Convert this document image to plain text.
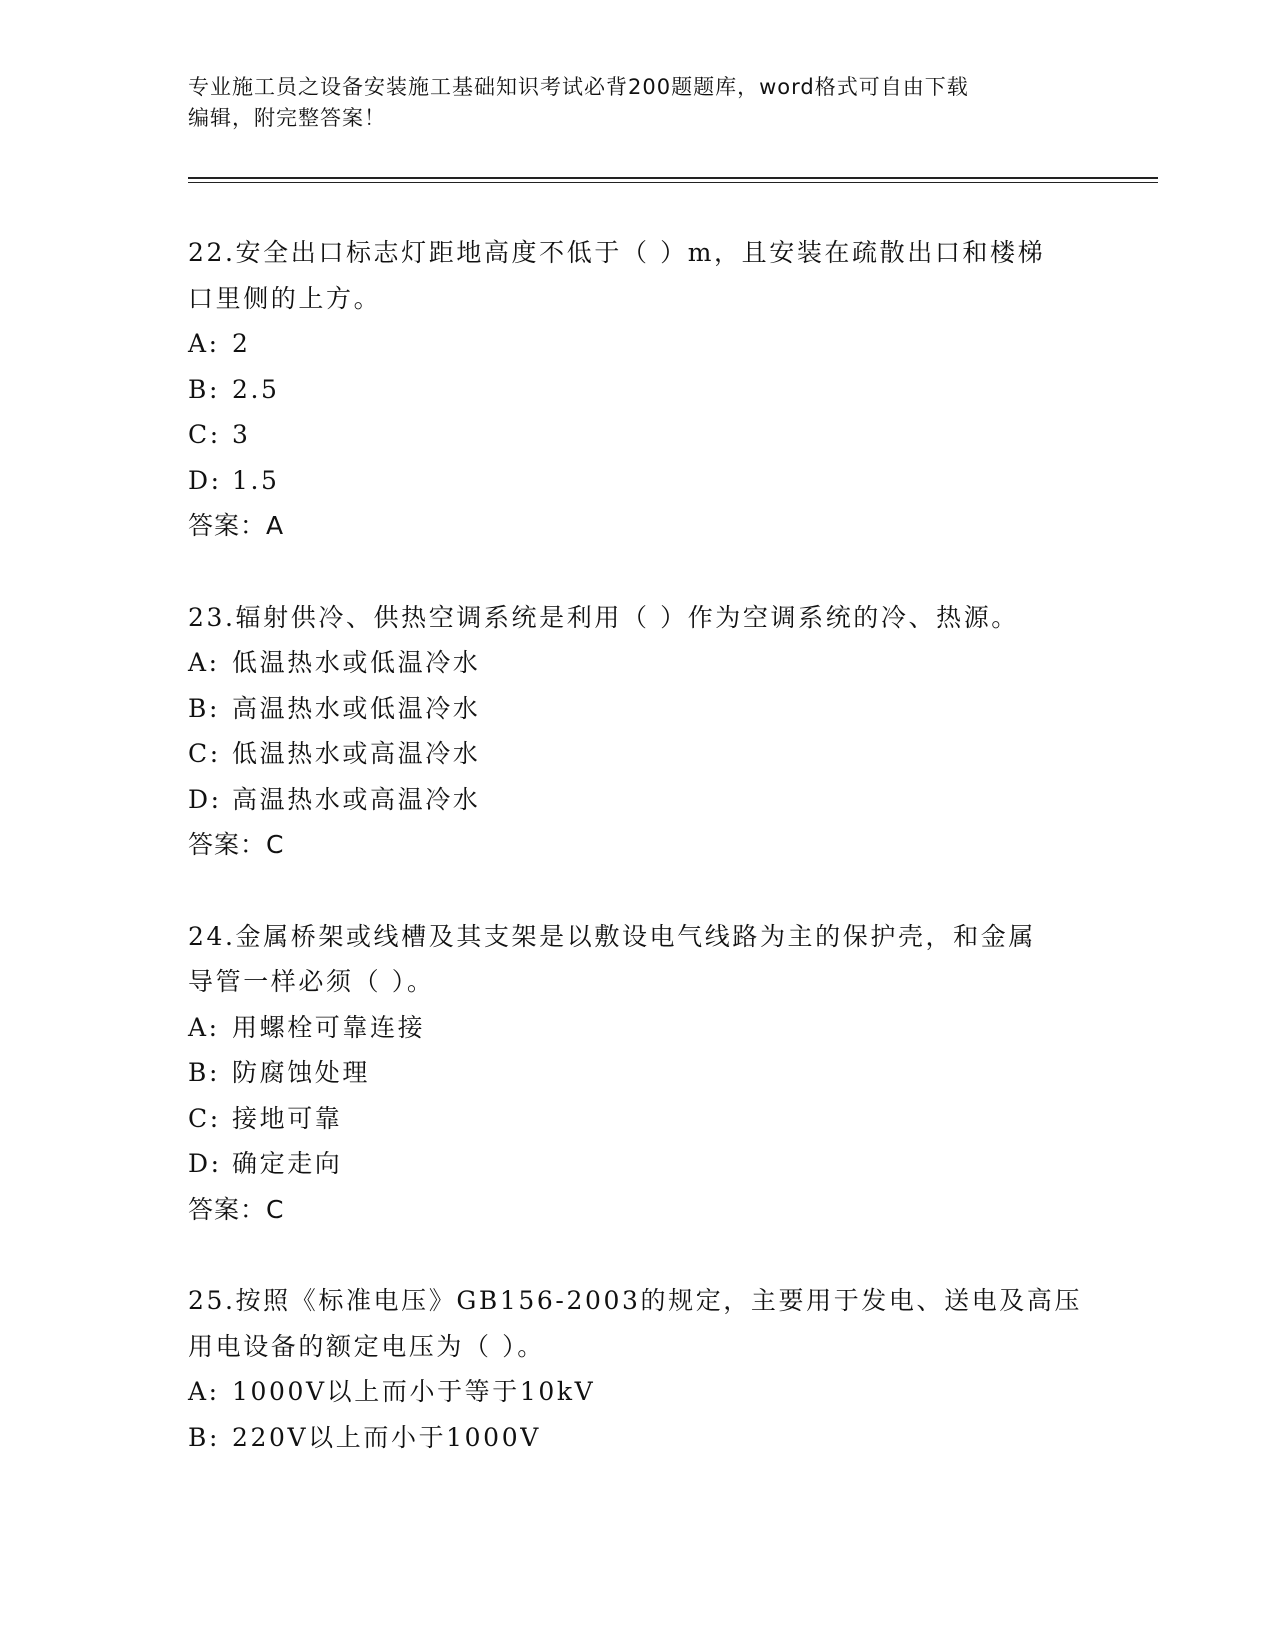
专业施工员之设备安装施工基础知识考试必背200题题库，word格式可自由下载
编辑，附完整答案！

22.安全出口标志灯距地高度不低于（ ）m，且安装在疏散出口和楼梯

口里侧的上方。

A: 2

B: 2.5

C: 3

D: 1.5

答案：A

23.辐射供冷、供热空调系统是利用（ ）作为空调系统的冷、热源。

A: 低温热水或低温冷水

B: 高温热水或低温冷水

C: 低温热水或高温冷水

D: 高温热水或高温冷水

答案：C

24.金属桥架或线槽及其支架是以敷设电气线路为主的保护壳，和金属

导管一样必须（ ）。

A: 用螺栓可靠连接

B: 防腐蚀处理

C: 接地可靠

D: 确定走向

答案：C

25.按照《标准电压》GB156-2003的规定，主要用于发电、送电及高压

用电设备的额定电压为（ ）。

A: 1000V以上而小于等于10kV

B: 220V以上而小于1000V
